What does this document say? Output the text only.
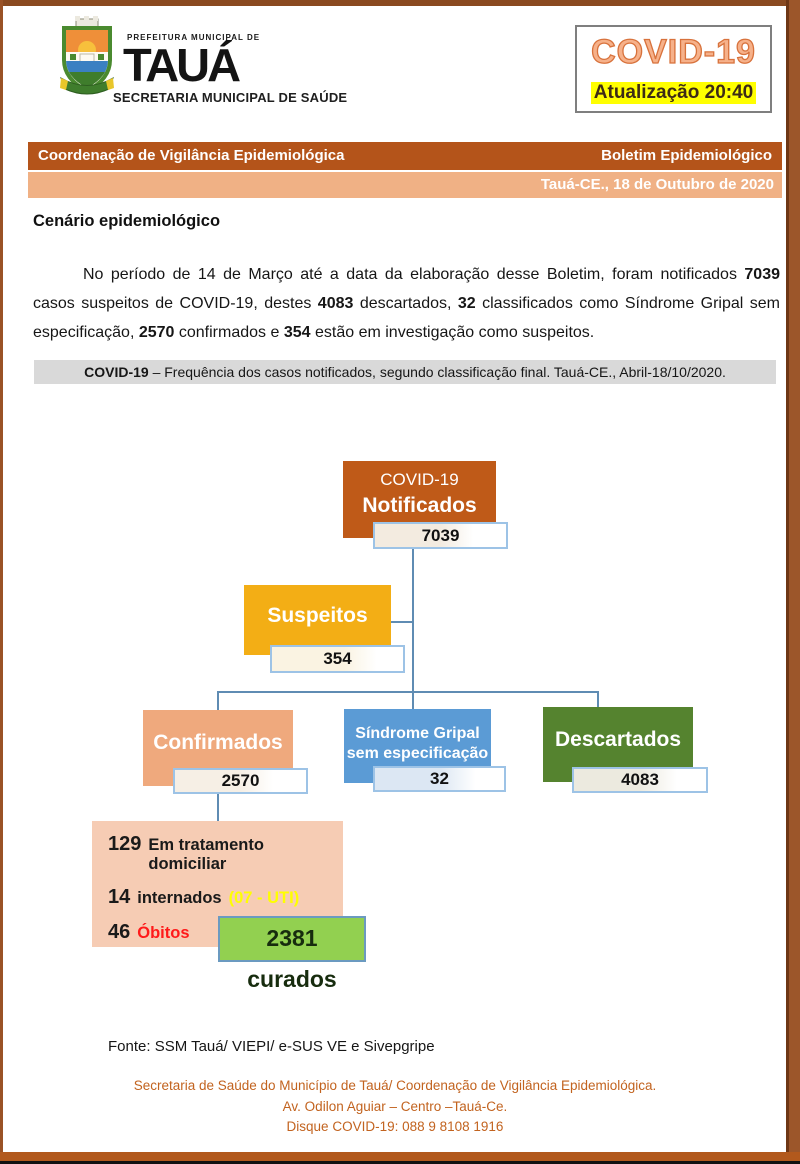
PREFEITURA MUNICIPAL DE
TAUÁ
SECRETARIA MUNICIPAL DE SAÚDE
COVID-19
Atualização 20:40
Coordenação de Vigilância Epidemiológica	Boletim Epidemiológico
Tauá-CE., 18 de Outubro de 2020
Cenário epidemiológico

No período de 14 de Março até a data da elaboração desse Boletim, foram notificados 7039 casos suspeitos de COVID-19, destes 4083 descartados, 32 classificados como Síndrome Gripal sem especificação, 2570 confirmados e 354 estão em investigação como suspeitos.

COVID-19 – Frequência dos casos notificados, segundo classificação final. Tauá-CE., Abril-18/10/2020.
COVID-19
Notificados
7039
Suspeitos
354
Confirmados
2570
Síndrome Gripal
sem especificação
32
Descartados
4083
129 Em tratamento domiciliar
14 internados (07 - UTI)
46 Óbitos	2381 curados
Fonte: SSM Tauá/ VIEPI/ e-SUS VE e Sivepgripe
Secretaria de Saúde do Município de Tauá/ Coordenação de Vigilância Epidemiológica.
Av. Odilon Aguiar – Centro –Tauá-Ce.
Disque COVID-19: 088 9 8108 1916
